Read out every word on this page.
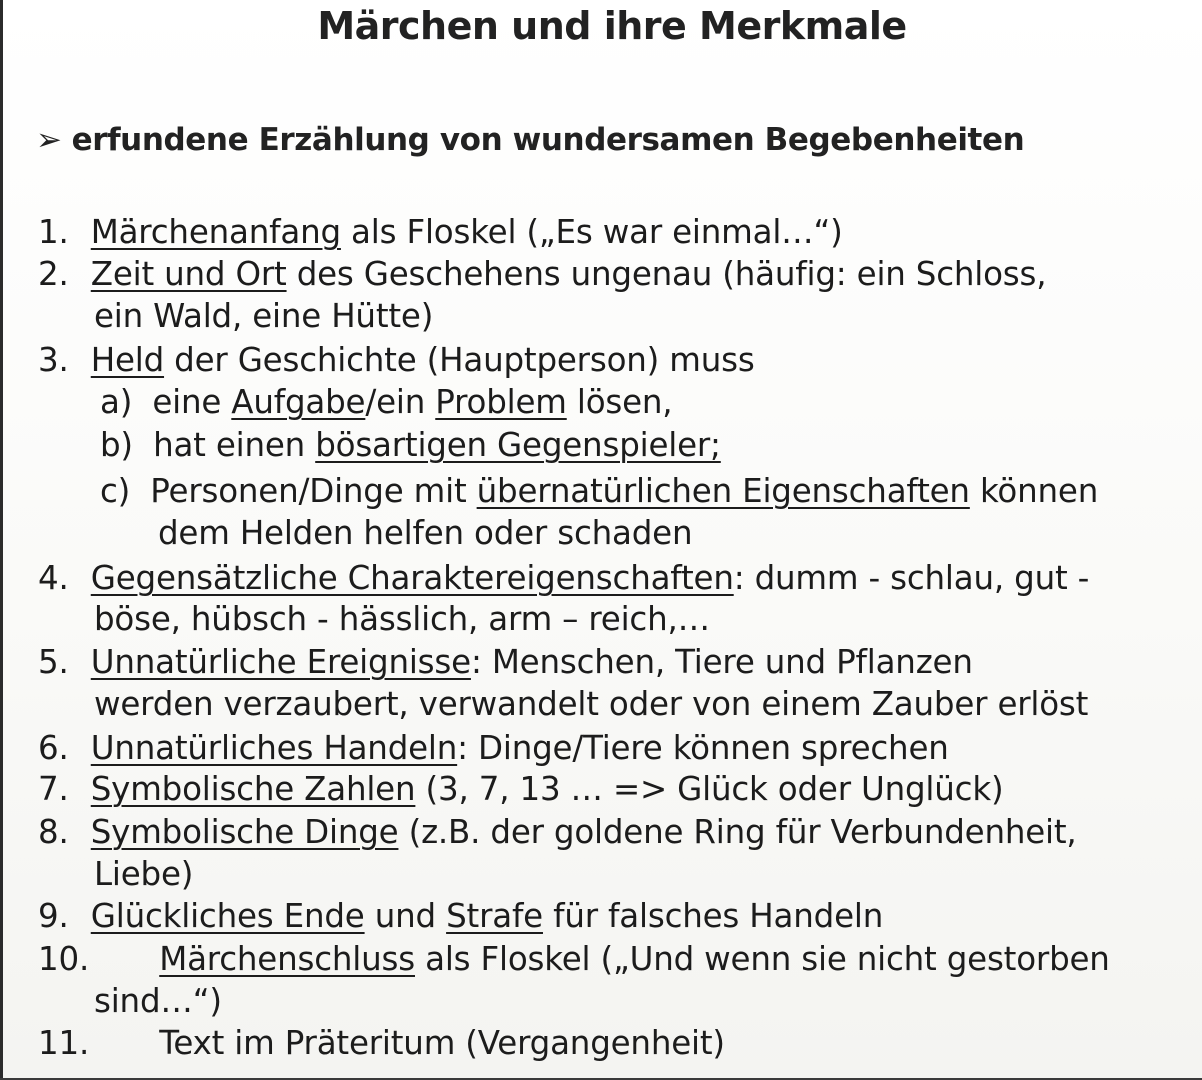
Märchen und ihre Merkmale
➢ erfundene Erzählung von wundersamen Begebenheiten
1. Märchenanfang als Floskel („Es war einmal…“)
2. Zeit und Ort des Geschehens ungenau (häufig: ein Schloss,
ein Wald, eine Hütte)
3. Held der Geschichte (Hauptperson) muss
a) eine Aufgabe/ein Problem lösen,
b) hat einen bösartigen Gegenspieler;
c) Personen/Dinge mit übernatürlichen Eigenschaften können
dem Helden helfen oder schaden
4. Gegensätzliche Charaktereigenschaften: dumm - schlau, gut -
böse, hübsch - hässlich, arm – reich,…
5. Unnatürliche Ereignisse: Menschen, Tiere und Pflanzen
werden verzaubert, verwandelt oder von einem Zauber erlöst
6. Unnatürliches Handeln: Dinge/Tiere können sprechen
7. Symbolische Zahlen (3, 7, 13 … => Glück oder Unglück)
8. Symbolische Dinge (z.B. der goldene Ring für Verbundenheit,
Liebe)
9. Glückliches Ende und Strafe für falsches Handeln
10. Märchenschluss als Floskel („Und wenn sie nicht gestorben
sind…“)
11. Text im Präteritum (Vergangenheit)
